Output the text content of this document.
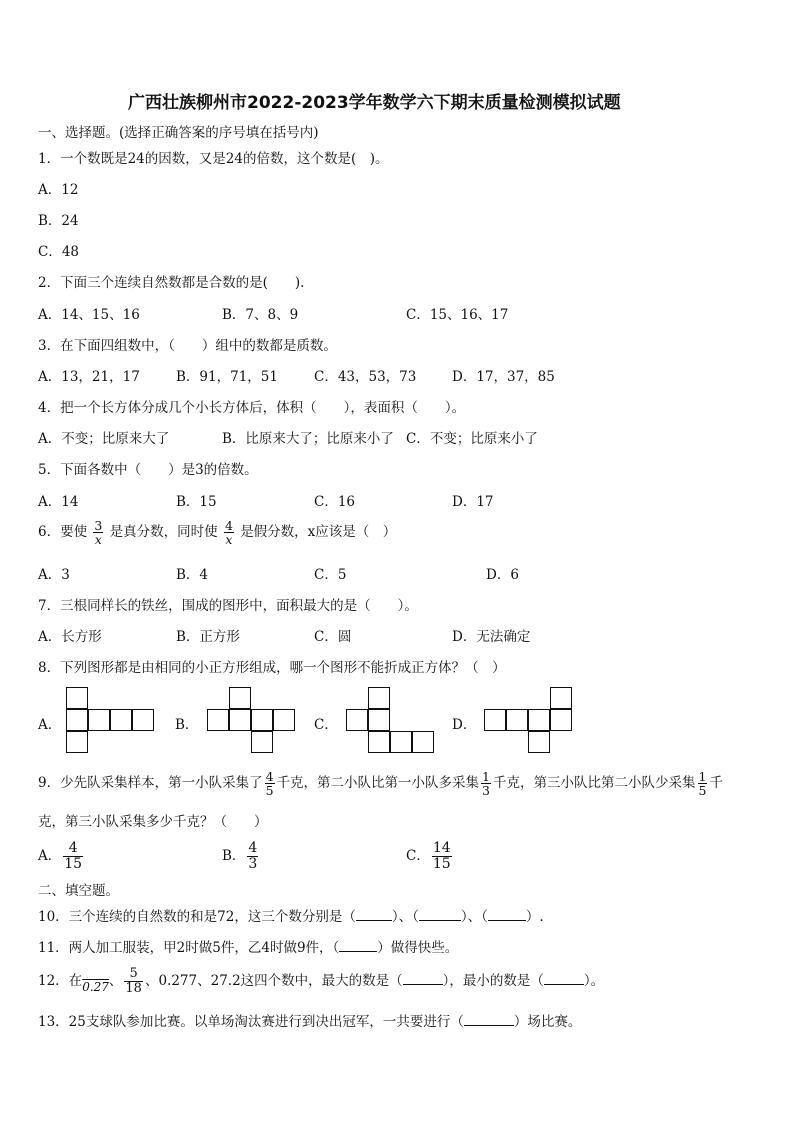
广西壮族柳州市2022-2023学年数学六下期末质量检测模拟试题
一、选择题。(选择正确答案的序号填在括号内)
1．一个数既是24的因数，又是24的倍数，这个数是(　)。
A．12
B．24
C．48
2．下面三个连续自然数都是合数的是(　　).
A．14、15、16	B．7、8、9	C．15、16、17
3．在下面四组数中，（　　）组中的数都是质数。
A．13，21，17	B．91，71，51	C．43，53，73	D．17，37，85
4．把一个长方体分成几个小长方体后，体积（　　），表面积（　　）。
A．不变；比原来大了	B．比原来大了；比原来小了 C．不变；比原来小了
5．下面各数中（　　）是3的倍数。
A．14	B．15	C．16	D．17
6．要使 $\frac{3}{x}$ 是真分数，同时使 $\frac{4}{x}$ 是假分数，x应该是（　）
A．3	B．4	C．5	D．6
7．三根同样长的铁丝，围成的图形中，面积最大的是（　　）。
A．长方形	B．正方形	C．圆	D．无法确定
8．下列图形都是由相同的小正方形组成，哪一个图形不能折成正方体？（　）
A．	B．	C．	D．
9．少先队采集样本，第一小队采集了 $\frac{4}{5}$ 千克，第二小队比第一小队多采集 $\frac{1}{3}$ 千克，第三小队比第二小队少采集 $\frac{1}{5}$ 千
克，第三小队采集多少千克？（　　）
A． $\frac{4}{15}$	B． $\frac{4}{3}$	C． $\frac{14}{15}$
二、填空题。
10．三个连续的自然数的和是72，这三个数分别是（	）、（	）、（	）.
11．两人加工服装，甲2时做5件，乙4时做9件，（	）做得快些。
12．在0.27、 $\frac{5}{18}$ 、0.277、27.2这四个数中，最大的数是（	），最小的数是（	）。
13．25支球队参加比赛。以单场淘汰赛进行到决出冠军，一共要进行（	）场比赛。
